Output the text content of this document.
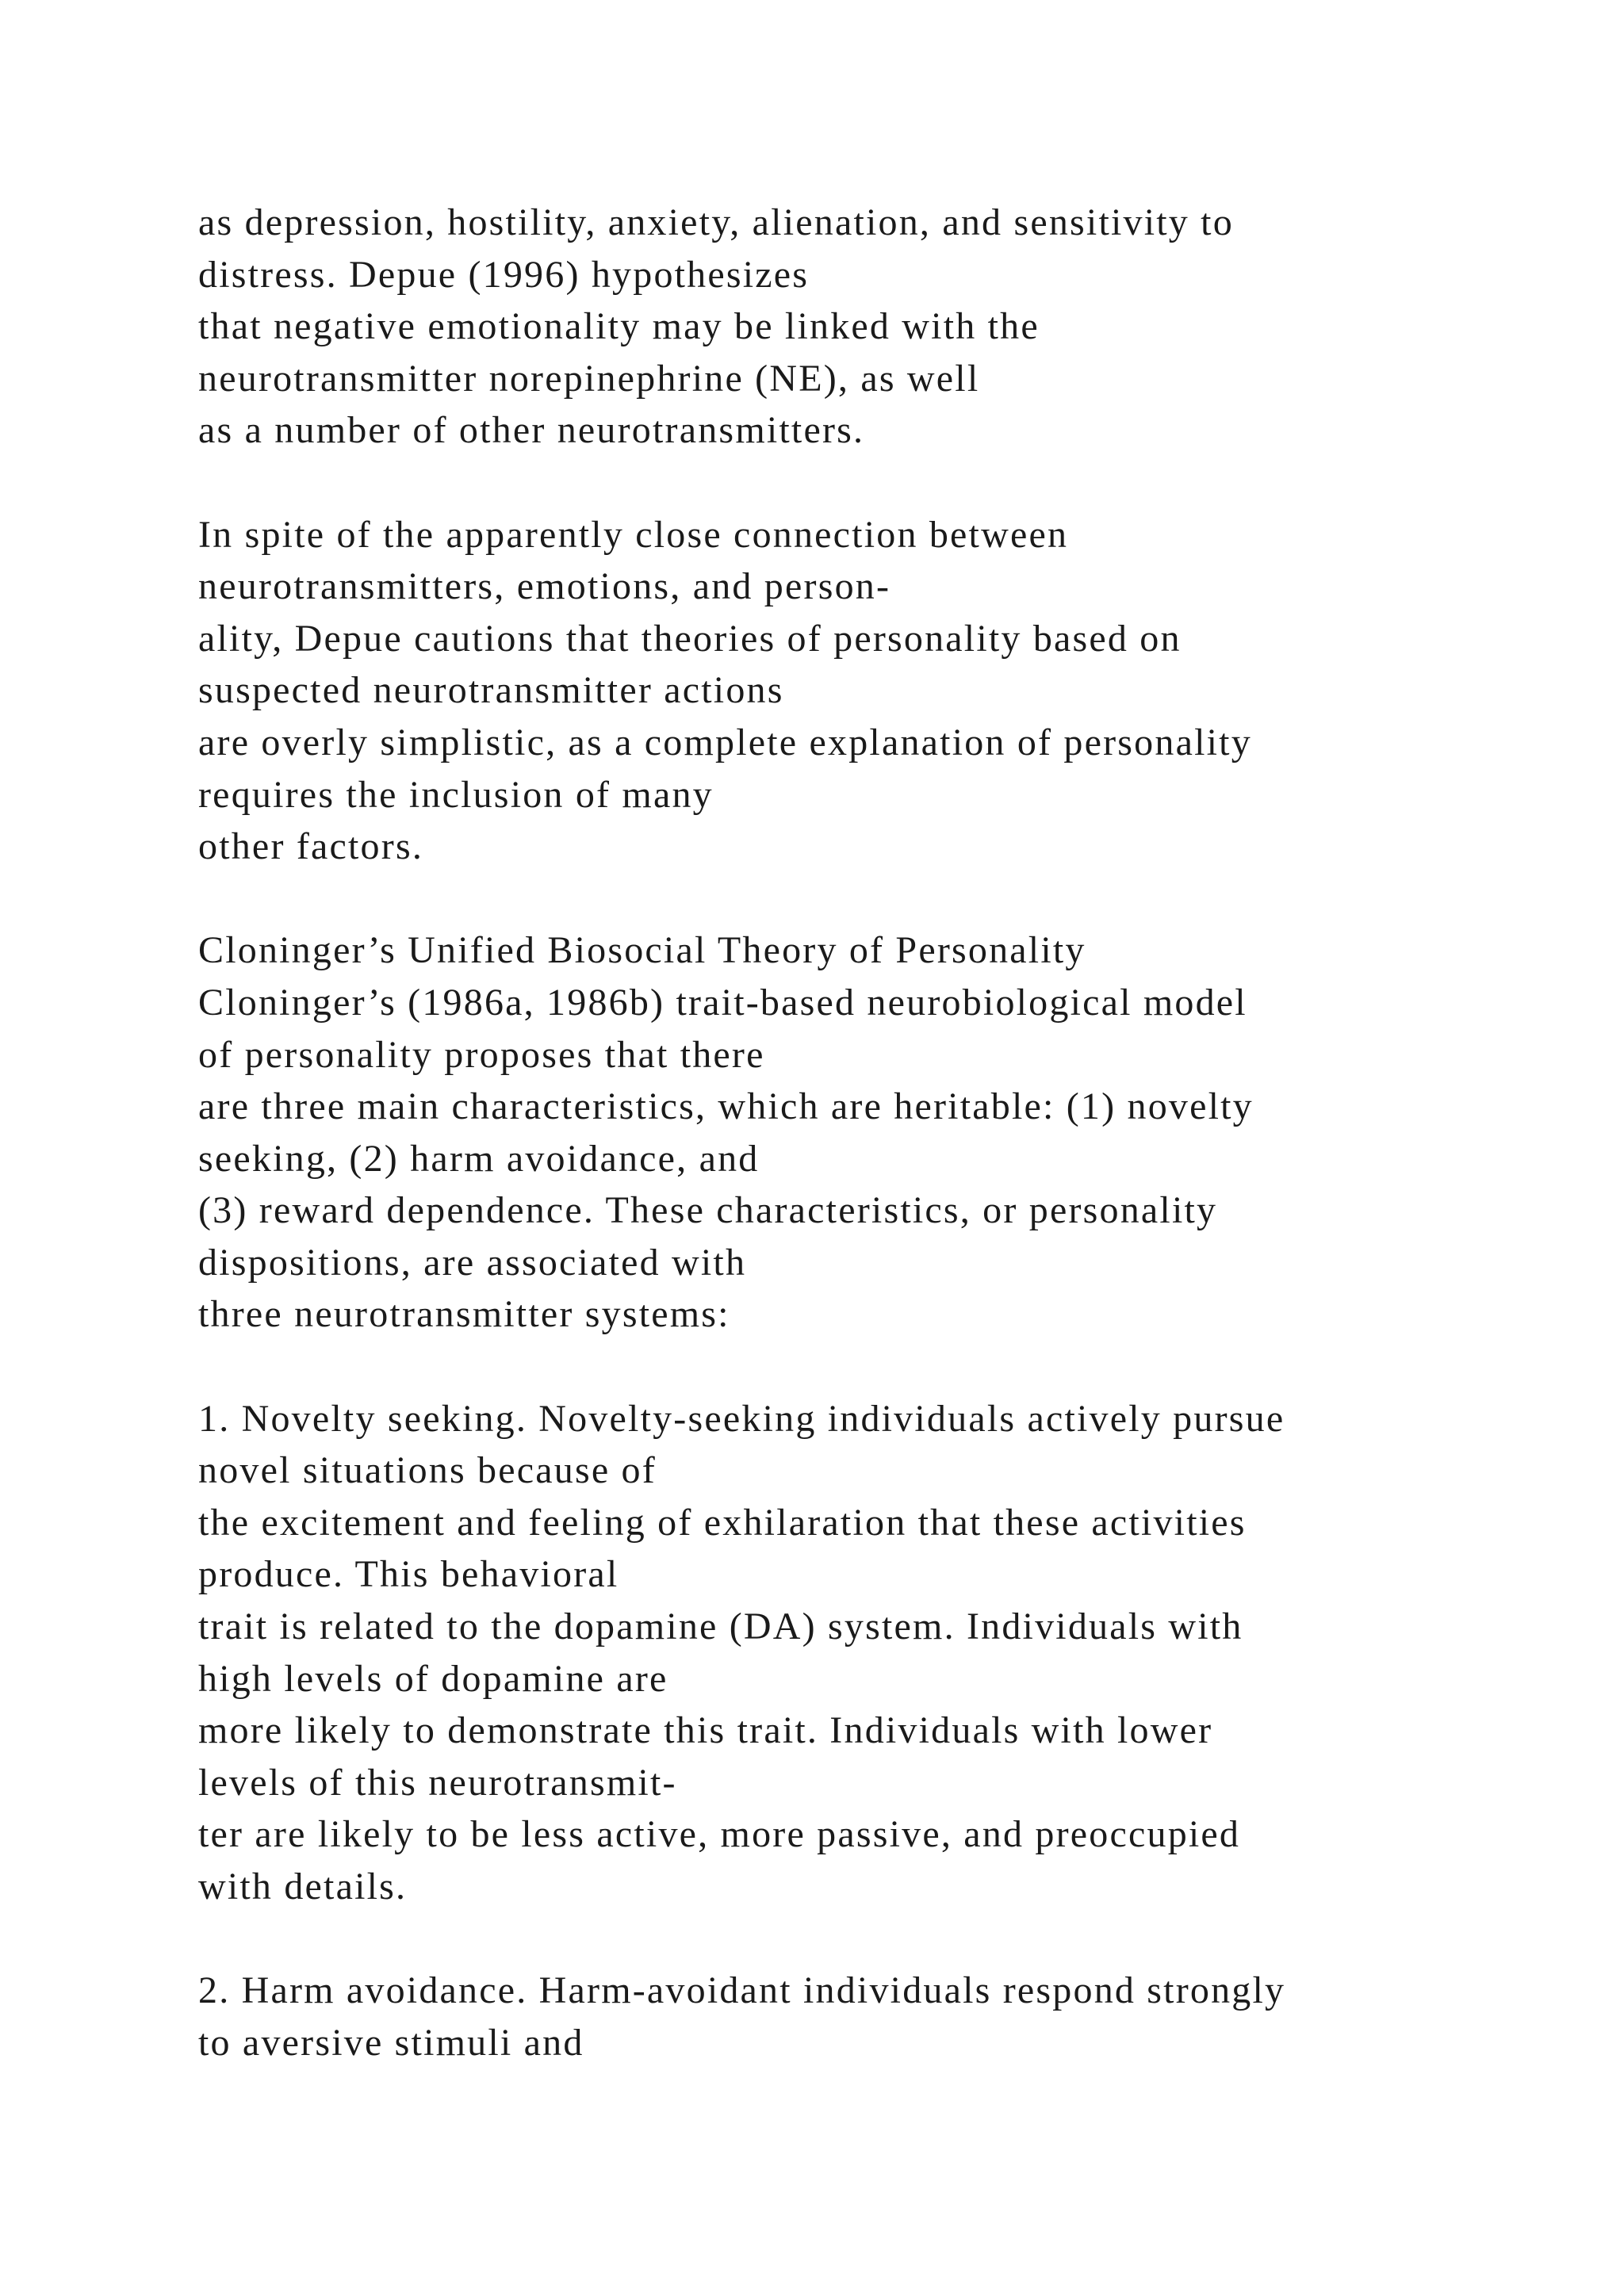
as depression, hostility, anxiety, alienation, and sensitivity to
distress. Depue (1996) hypothesizes
that negative emotionality may be linked with the
neurotransmitter norepinephrine (NE), as well
as a number of other neurotransmitters.
In spite of the apparently close connection between
neurotransmitters, emotions, and person-
ality, Depue cautions that theories of personality based on
suspected neurotransmitter actions
are overly simplistic, as a complete explanation of personality
requires the inclusion of many
other factors.
Cloninger’s Unified Biosocial Theory of Personality
Cloninger’s (1986a, 1986b) trait-based neurobiological model
of personality proposes that there
are three main characteristics, which are heritable: (1) novelty
seeking, (2) harm avoidance, and
(3) reward dependence. These characteristics, or personality
dispositions, are associated with
three neurotransmitter systems:
1. Novelty seeking. Novelty-seeking individuals actively pursue
novel situations because of
the excitement and feeling of exhilaration that these activities
produce. This behavioral
trait is related to the dopamine (DA) system. Individuals with
high levels of dopamine are
more likely to demonstrate this trait. Individuals with lower
levels of this neurotransmit-
ter are likely to be less active, more passive, and preoccupied
with details.
2. Harm avoidance. Harm-avoidant individuals respond strongly
to aversive stimuli and
